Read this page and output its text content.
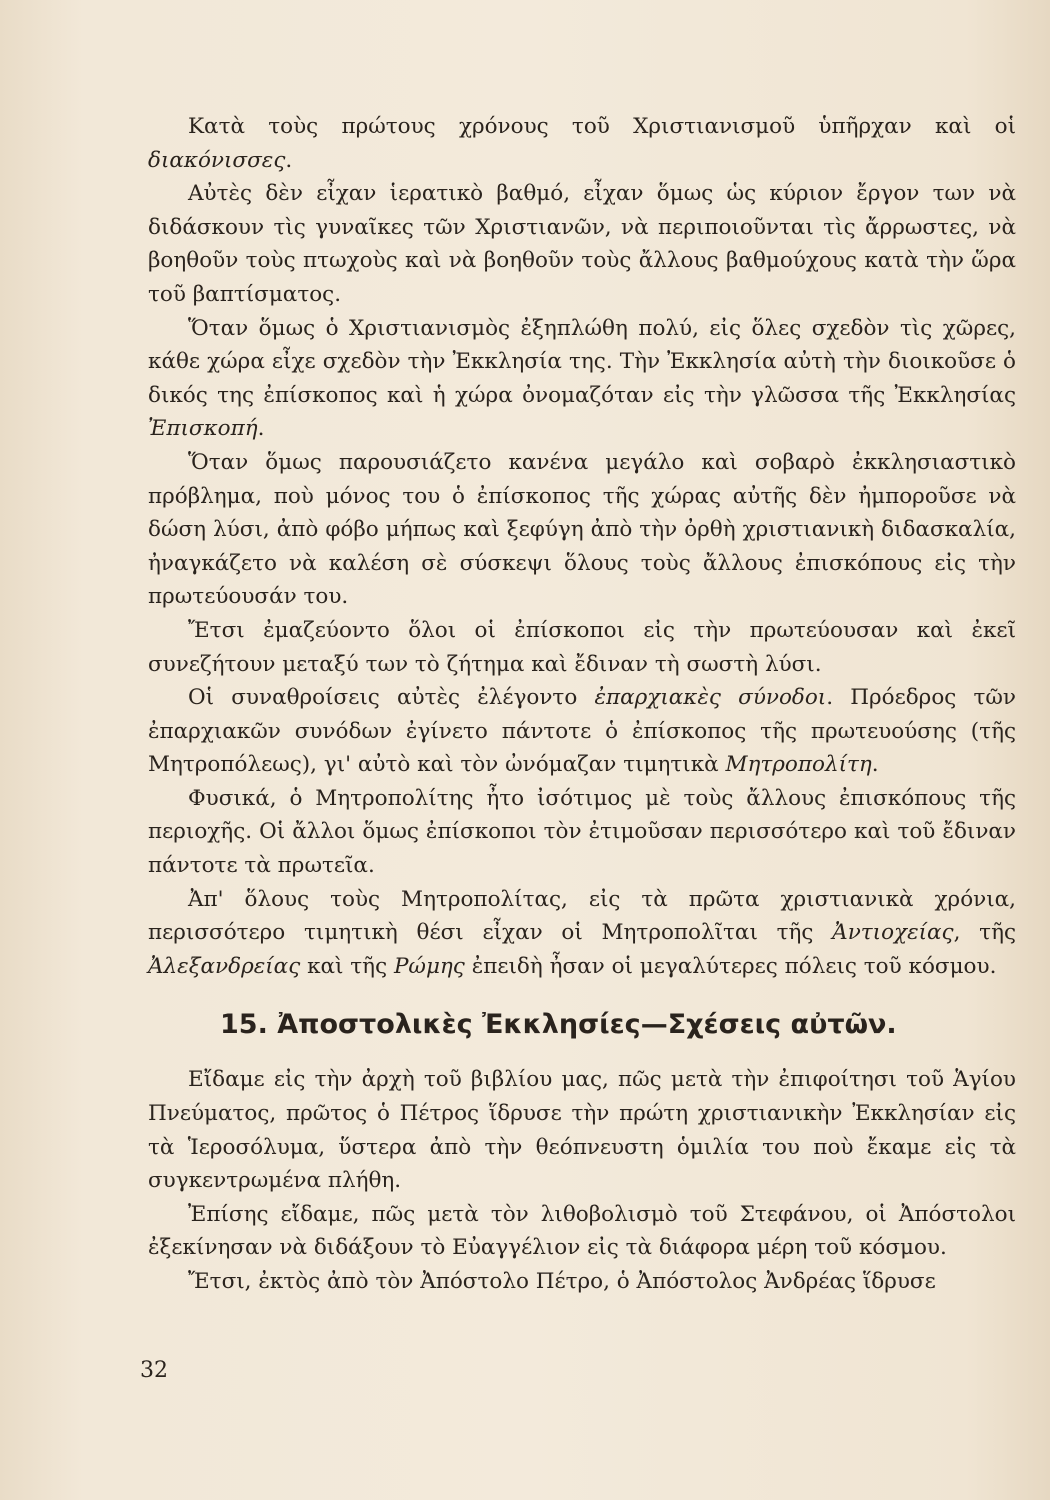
Κατὰ τοὺς πρώτους χρόνους τοῦ Χριστιανισμοῦ ὑπῆρχαν καὶ οἱ διακόνισσες.

Αὐτὲς δὲν εἶχαν ἱερατικὸ βαθμό, εἶχαν ὅμως ὡς κύριον ἔργον των νὰ διδάσκουν τὶς γυναῖκες τῶν Χριστιανῶν, νὰ περιποιοῦνται τὶς ἄρρωστες, νὰ βοηθοῦν τοὺς πτωχοὺς καὶ νὰ βοηθοῦν τοὺς ἄλλους βαθμούχους κατὰ τὴν ὥρα τοῦ βαπτίσματος.

Ὅταν ὅμως ὁ Χριστιανισμὸς ἐξηπλώθη πολύ, εἰς ὅλες σχεδὸν τὶς χῶρες, κάθε χώρα εἶχε σχεδὸν τὴν Ἐκκλησία της. Τὴν Ἐκκλησία αὐτὴ τὴν διοικοῦσε ὁ δικός της ἐπίσκοπος καὶ ἡ χώρα ὀνομαζόταν εἰς τὴν γλῶσσα τῆς Ἐκκλησίας Ἐπισκοπή.

Ὅταν ὅμως παρουσιάζετο κανένα μεγάλο καὶ σοβαρὸ ἐκκλησιαστικὸ πρόβλημα, ποὺ μόνος του ὁ ἐπίσκοπος τῆς χώρας αὐτῆς δὲν ἠμποροῦσε νὰ δώση λύσι, ἀπὸ φόβο μήπως καὶ ξεφύγη ἀπὸ τὴν ὀρθὴ χριστιανικὴ διδασκαλία, ἠναγκάζετο νὰ καλέση σὲ σύσκεψι ὅλους τοὺς ἄλλους ἐπισκόπους εἰς τὴν πρωτεύουσάν του.

Ἔτσι ἐμαζεύοντο ὅλοι οἱ ἐπίσκοποι εἰς τὴν πρωτεύουσαν καὶ ἐκεῖ συνεζήτουν μεταξύ των τὸ ζήτημα καὶ ἔδιναν τὴ σωστὴ λύσι.

Οἱ συναθροίσεις αὐτὲς ἐλέγοντο ἐπαρχιακὲς σύνοδοι. Πρόεδρος τῶν ἐπαρχιακῶν συνόδων ἐγίνετο πάντοτε ὁ ἐπίσκοπος τῆς πρωτευούσης (τῆς Μητροπόλεως), γι' αὐτὸ καὶ τὸν ὠνόμαζαν τιμητικὰ Μητροπολίτη.

Φυσικά, ὁ Μητροπολίτης ἦτο ἰσότιμος μὲ τοὺς ἄλλους ἐπισκόπους τῆς περιοχῆς. Οἱ ἄλλοι ὅμως ἐπίσκοποι τὸν ἐτιμοῦσαν περισσότερο καὶ τοῦ ἔδιναν πάντοτε τὰ πρωτεῖα.

Ἀπ' ὅλους τοὺς Μητροπολίτας, εἰς τὰ πρῶτα χριστιανικὰ χρόνια, περισσότερο τιμητικὴ θέσι εἶχαν οἱ Μητροπολῖται τῆς Ἀντιοχείας, τῆς Ἀλεξανδρείας καὶ τῆς Ρώμης ἐπειδὴ ἦσαν οἱ μεγαλύτερες πόλεις τοῦ κόσμου.

15. Ἀποστολικὲς Ἐκκλησίες—Σχέσεις αὐτῶν.

Εἴδαμε εἰς τὴν ἀρχὴ τοῦ βιβλίου μας, πῶς μετὰ τὴν ἐπιφοίτησι τοῦ Ἁγίου Πνεύματος, πρῶτος ὁ Πέτρος ἵδρυσε τὴν πρώτη χριστιανικὴν Ἐκκλησίαν εἰς τὰ Ἱεροσόλυμα, ὕστερα ἀπὸ τὴν θεόπνευστη ὁμιλία του ποὺ ἔκαμε εἰς τὰ συγκεντρωμένα πλήθη.

Ἐπίσης εἴδαμε, πῶς μετὰ τὸν λιθοβολισμὸ τοῦ Στεφάνου, οἱ Ἀπόστολοι ἐξεκίνησαν νὰ διδάξουν τὸ Εὐαγγέλιον εἰς τὰ διάφορα μέρη τοῦ κόσμου.

Ἔτσι, ἐκτὸς ἀπὸ τὸν Ἀπόστολο Πέτρο, ὁ Ἀπόστολος Ἀνδρέας ἵδρυσε

32
